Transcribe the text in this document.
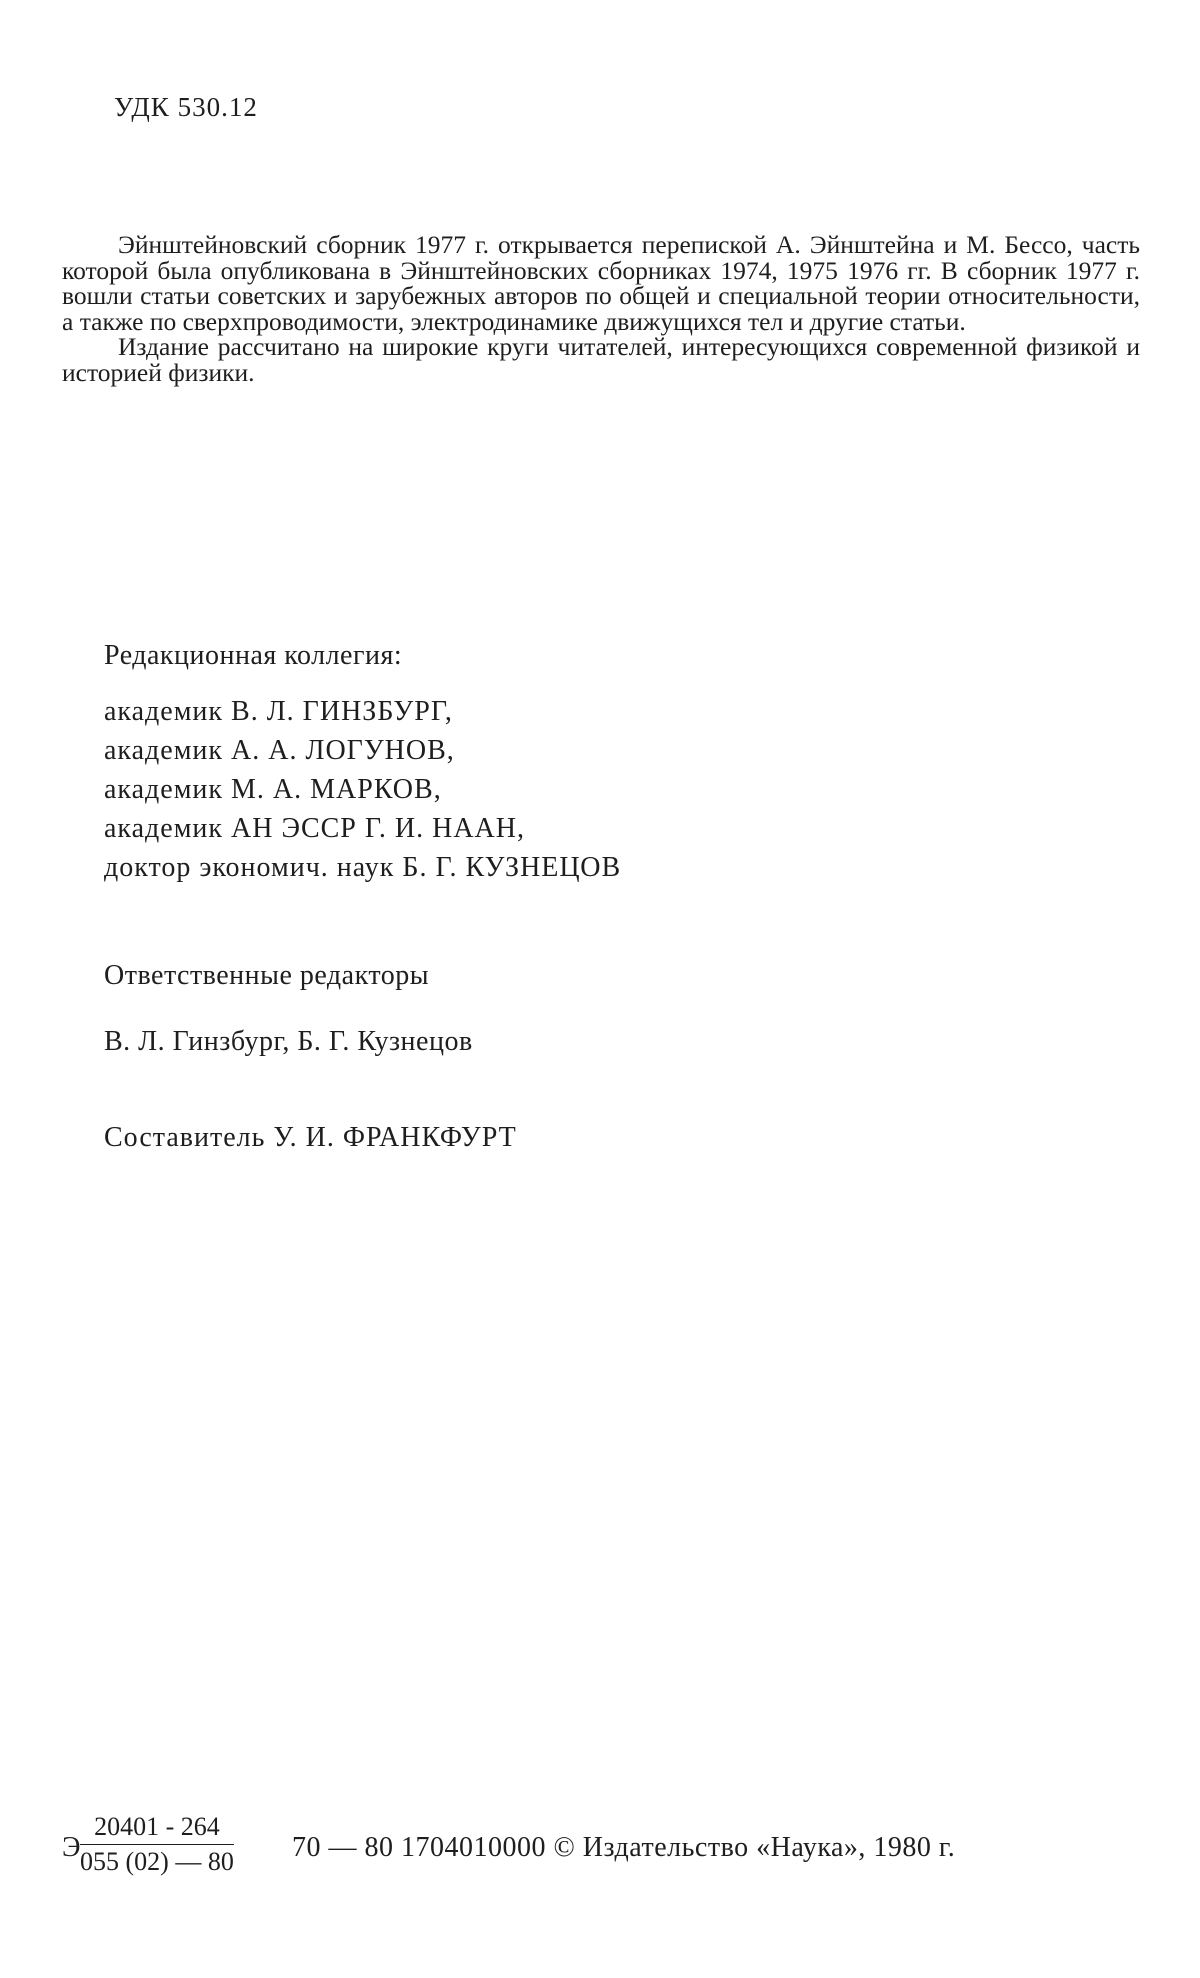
УДК 530.12

Эйнштейновский сборник 1977 г. открывается перепиской А. Эйнштейна и М. Бессо, часть которой была опубликована в Эйнштейновских сборниках 1974, 1975 1976 гг. В сборник 1977 г. вошли статьи советских и зарубежных авторов по общей и специальной теории относительности, а также по сверхпроводимости, электродинамике движущихся тел и другие статьи.

Издание рассчитано на широкие круги читателей, интересующихся современной физикой и историей физики.

Редакционная коллегия:
академик В. Л. ГИНЗБУРГ,
академик А. А. ЛОГУНОВ,
академик М. А. МАРКОВ,
академик АН ЭССР Г. И. НААН,
доктор экономич. наук Б. Г. КУЗНЕЦОВ
Ответственные редакторы
В. Л. Гинзбург, Б. Г. Кузнецов
Составитель У. И. ФРАНКФУРТ
Э $\frac{20401 - 264}{055 (02) — 80} 70$ — 80 1704010000 © Издательство «Наука», 1980 г.
